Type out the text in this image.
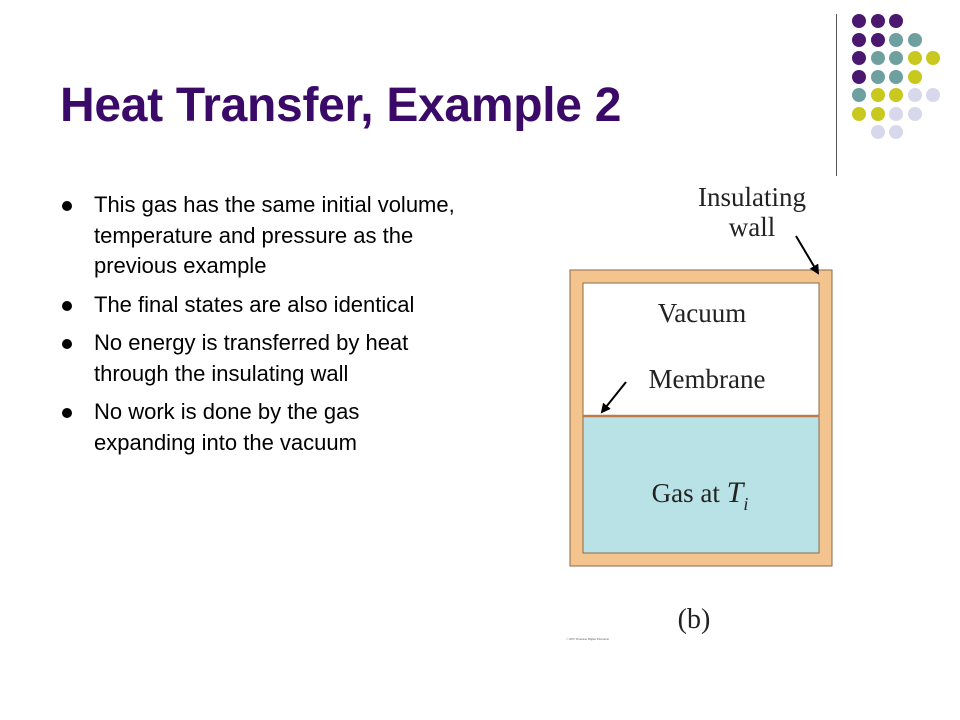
Heat Transfer, Example 2
This gas has the same initial volume, temperature and pressure as the previous example
The final states are also identical
No energy is transferred by heat through the insulating wall
No work is done by the gas expanding into the vacuum
Insulating
wall
Vacuum
Membrane
Gas at $T_i$
(b)
© 2007 Thomson Higher Education
